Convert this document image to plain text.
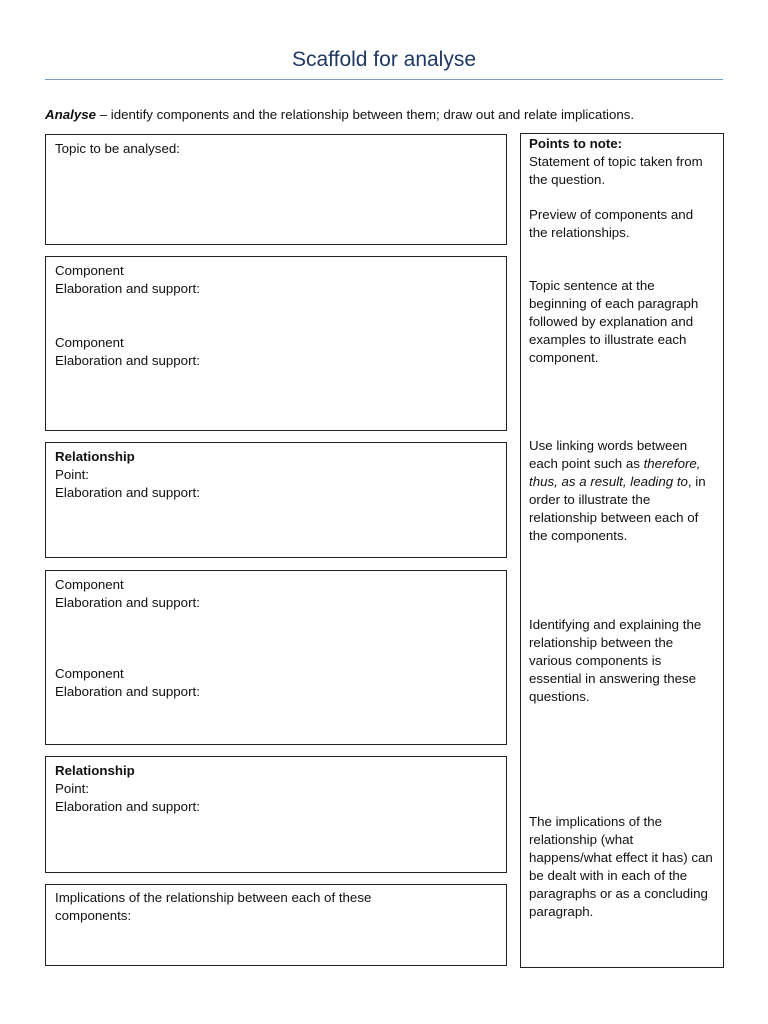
Scaffold for analyse
Analyse – identify components and the relationship between them; draw out and relate implications.
Topic to be analysed:
Component
Elaboration and support:
Component
Elaboration and support:
Relationship
Point:
Elaboration and support:
Component
Elaboration and support:
Component
Elaboration and support:
Relationship
Point:
Elaboration and support:
Implications of the relationship between each of these
components:
Points to note:
Statement of topic taken from the question.
Preview of components and the relationships.
Topic sentence at the beginning of each paragraph followed by explanation and examples to illustrate each component.
Use linking words between each point such as therefore, thus, as a result, leading to, in order to illustrate the relationship between each of the components.
Identifying and explaining the relationship between the various components is essential in answering these questions.
The implications of the relationship (what happens/what effect it has) can be dealt with in each of the paragraphs or as a concluding paragraph.
